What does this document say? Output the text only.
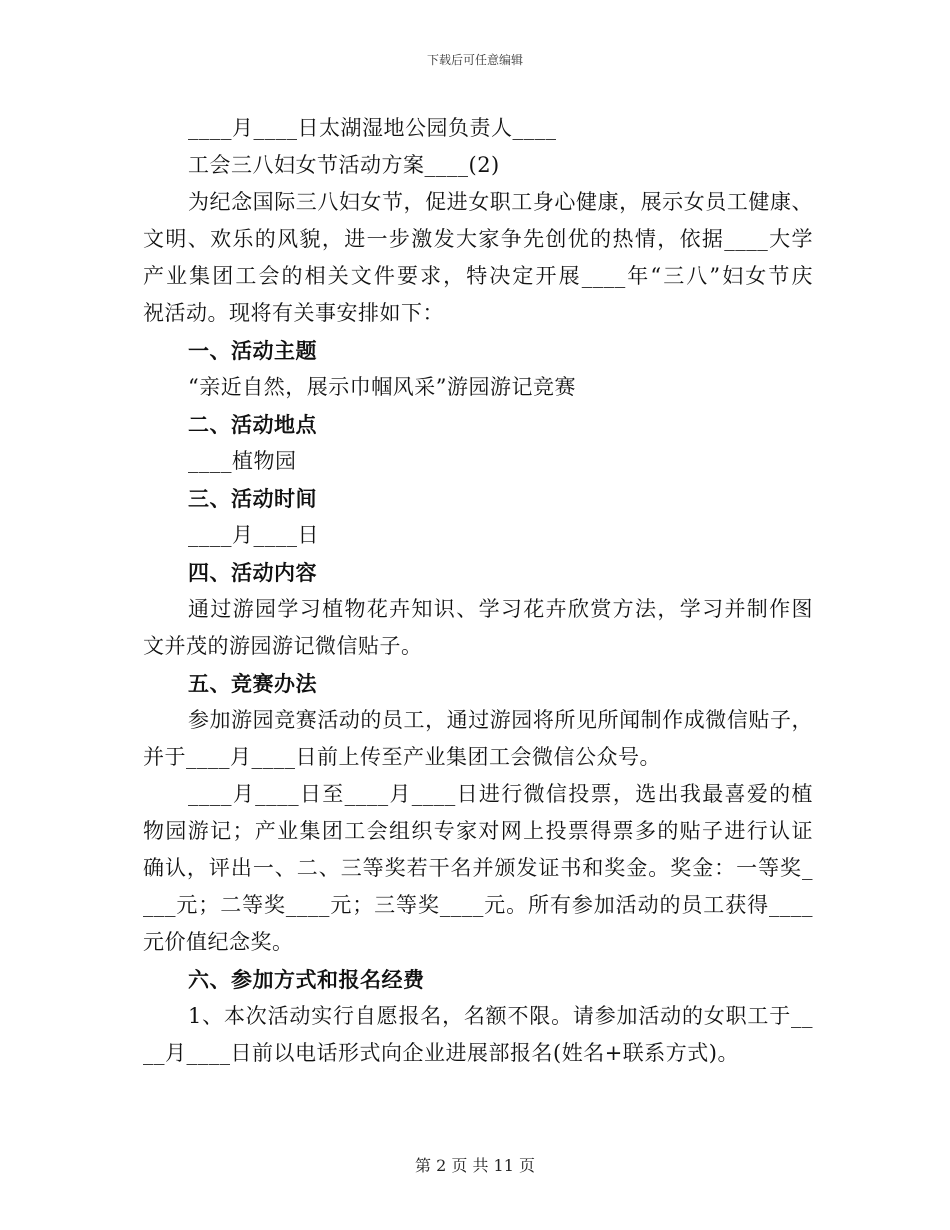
下载后可任意编辑
____月____日太湖湿地公园负责人____
工会三八妇女节活动方案____(2)
为纪念国际三八妇女节，促进女职工身心健康，展示女员工健康、
文明、欢乐的风貌，进一步激发大家争先创优的热情，依据____大学
产业集团工会的相关文件要求，特决定开展____年“三八”妇女节庆
祝活动。现将有关事安排如下：
一、活动主题
“亲近自然，展示巾帼风采”游园游记竞赛
二、活动地点
____植物园
三、活动时间
____月____日
四、活动内容
通过游园学习植物花卉知识、学习花卉欣赏方法，学习并制作图
文并茂的游园游记微信贴子。
五、竞赛办法
参加游园竞赛活动的员工，通过游园将所见所闻制作成微信贴子，
并于____月____日前上传至产业集团工会微信公众号。
____月____日至____月____日进行微信投票，选出我最喜爱的植
物园游记；产业集团工会组织专家对网上投票得票多的贴子进行认证
确认，评出一、二、三等奖若干名并颁发证书和奖金。奖金：一等奖_
___元；二等奖____元；三等奖____元。所有参加活动的员工获得____
元价值纪念奖。
六、参加方式和报名经费
1、本次活动实行自愿报名，名额不限。请参加活动的女职工于__
__月____日前以电话形式向企业进展部报名(姓名+联系方式)。
第 2 页 共 11 页
